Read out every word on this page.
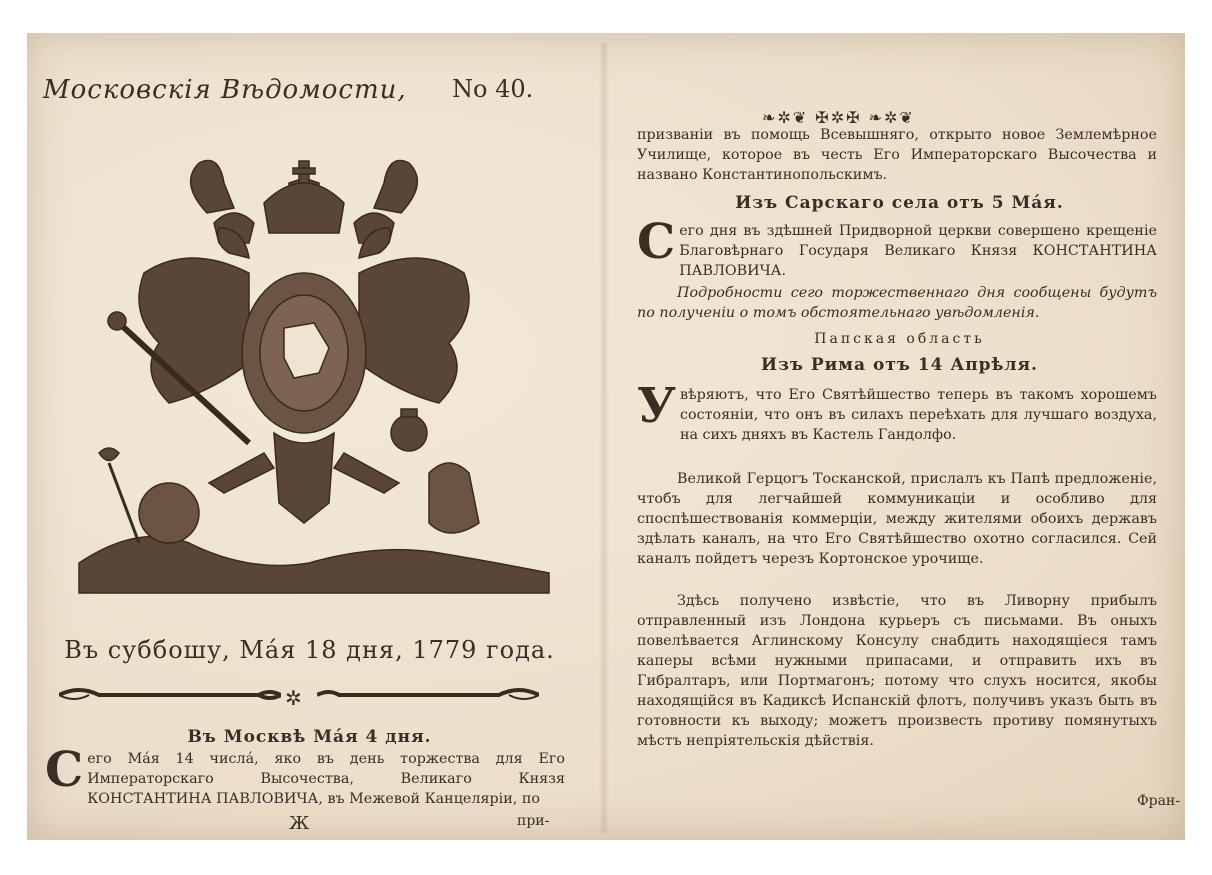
Московскія Вѣдомости, No 40.
Въ суббошу, Мáя 18 дня, 1779 года.
✲
Въ Москвѣ Мáя 4 дня.
С его Мáя 14 числá, яко въ день торжества для Его Императорскаго Высочества, Великаго Князя КОНСТАНТИНА ПАВЛОВИЧА, въ Межевой Канцеляріи, по
Ж	при-
❧✲❦ ✠✲✠ ❧✲❦
призваніи въ помощь Всевышняго, открыто новое Землемѣрное Училище, которое въ честь Его Императорскаго Высочества и названо Константинопольскимъ.
Изъ Сарскаго села отъ 5 Мáя.
С его дня въ здѣшней Придворной церкви совершено крещеніе Благовѣрнаго Государя Великаго Князя КОНСТАНТИНА ПАВЛОВИЧА.
Подробности сего торжественнаго дня сообщены будутъ по полученіи о томъ обстоятельнаго увѣдомленія.
Папская область
Изъ Рима отъ 14 Апрѣля.
У вѣряютъ, что Его Святѣйшество теперь въ такомъ хорошемъ состояніи, что онъ въ силахъ переѣхать для лучшаго воздуха, на сихъ дняхъ въ Кастель Гандолфо.
Великой Герцогъ Тосканской, прислалъ къ Папѣ предложеніе, чтобъ для легчайшей коммуникаціи и особливо для споспѣшествованія коммерціи, между жителями обоихъ державъ здѣлать каналъ, на что Его Святѣйшество охотно согласился. Сей каналъ пойдетъ черезъ Кортонское урочище.
Здѣсь получено извѣстіе, что въ Ливорну прибылъ отправленный изъ Лондона курьеръ съ письмами. Въ оныхъ повелѣвается Аглинскому Консулу снабдить находящіеся тамъ каперы всѣми нужными припасами, и отправить ихъ въ Гибралтаръ, или Портмагонъ; потому что слухъ носится, якобы находящійся въ Кадиксѣ Испанскій флотъ, получивъ указъ быть въ готовности къ выходу; можетъ произвесть противу помянутыхъ мѣстъ непріятельскія дѣйствія.
Фран-
